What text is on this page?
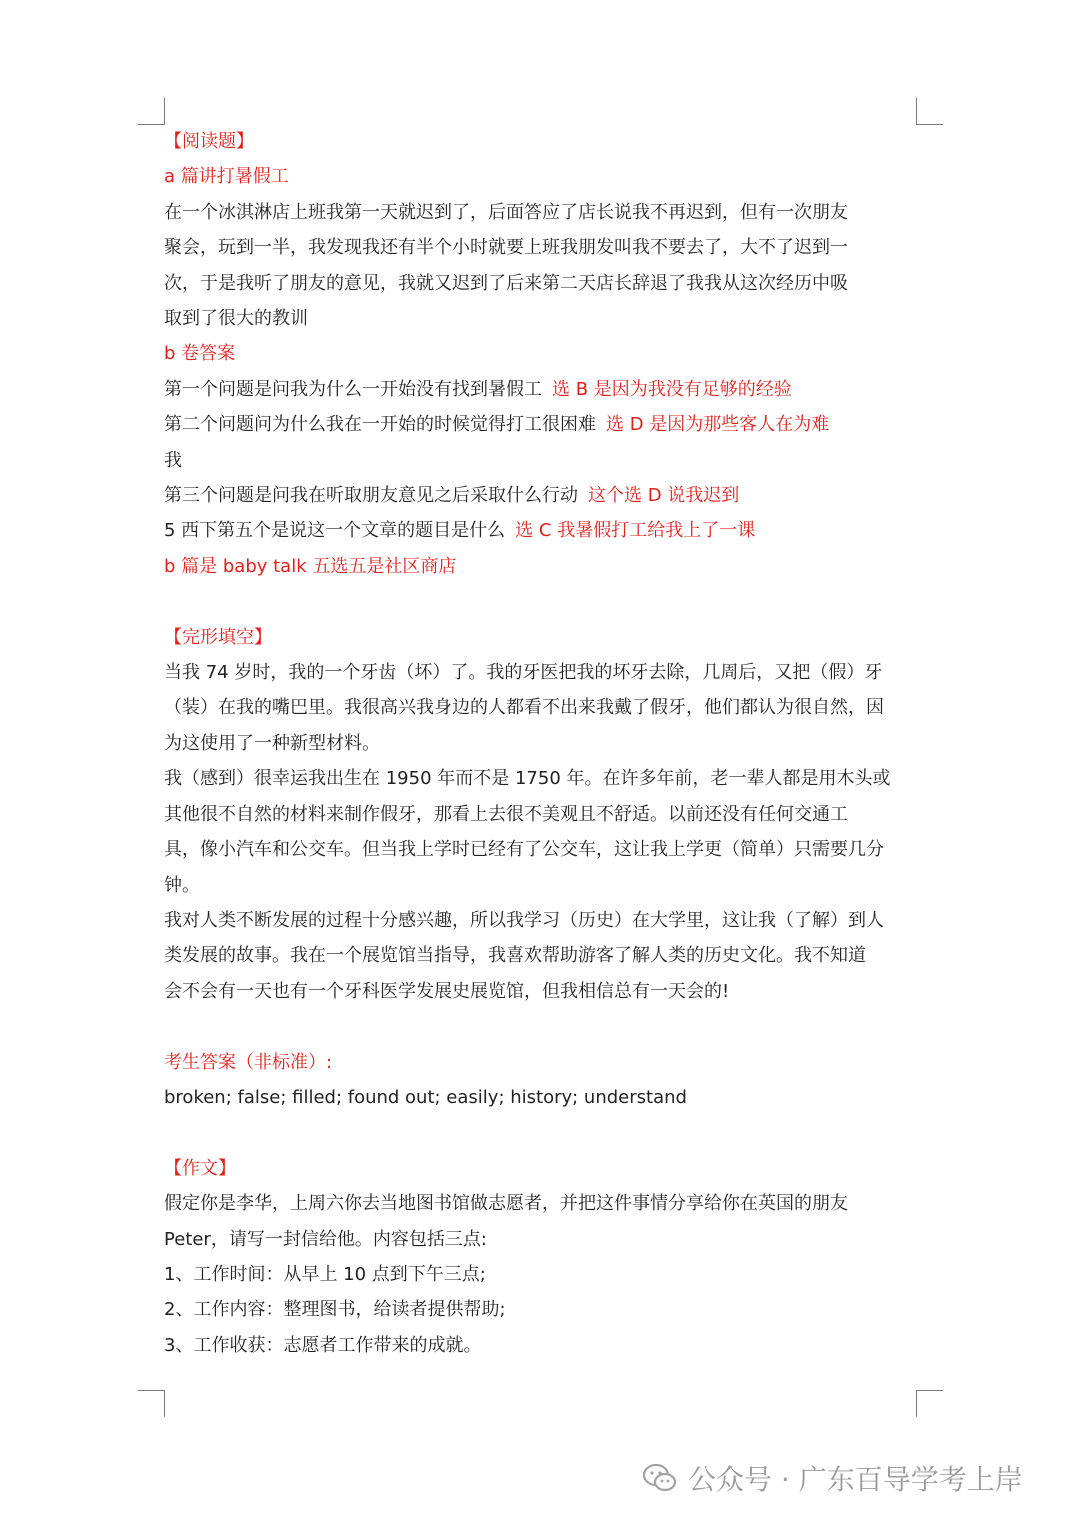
【阅读题】
a 篇讲打暑假工
在一个冰淇淋店上班我第一天就迟到了，后面答应了店长说我不再迟到，但有一次朋友
聚会，玩到一半，我发现我还有半个小时就要上班我朋发叫我不要去了，大不了迟到一
次，于是我听了朋友的意见，我就又迟到了后来第二天店长辞退了我我从这次经历中吸
取到了很大的教训
b 卷答案
第一个问题是问我为什么一开始没有找到暑假工 选 B 是因为我没有足够的经验
第二个问题问为什么我在一开始的时候觉得打工很困难 选 D 是因为那些客人在为难
我
第三个问题是问我在听取朋友意见之后采取什么行动 这个选 D 说我迟到
5 西下第五个是说这一个文章的题目是什么 选 C 我暑假打工给我上了一课
b 篇是 baby talk 五选五是社区商店
【完形填空】
当我 74 岁时，我的一个牙齿（坏）了。我的牙医把我的坏牙去除，几周后，又把（假）牙
（装）在我的嘴巴里。我很高兴我身边的人都看不出来我戴了假牙，他们都认为很自然，因
为这使用了一种新型材料。
我（感到）很幸运我出生在 1950 年而不是 1750 年。在许多年前，老一辈人都是用木头或
其他很不自然的材料来制作假牙，那看上去很不美观且不舒适。以前还没有任何交通工
具，像小汽车和公交车。但当我上学时已经有了公交车，这让我上学更（简单）只需要几分
钟。
我对人类不断发展的过程十分感兴趣，所以我学习（历史）在大学里，这让我（了解）到人
类发展的故事。我在一个展览馆当指导，我喜欢帮助游客了解人类的历史文化。我不知道
会不会有一天也有一个牙科医学发展史展览馆，但我相信总有一天会的!
考生答案（非标准）:
broken; false; filled; found out; easily; history; understand
【作文】
假定你是李华，上周六你去当地图书馆做志愿者，并把这件事情分享给你在英国的朋友
Peter，请写一封信给他。内容包括三点:
1、工作时间：从早上 10 点到下午三点;
2、工作内容：整理图书，给读者提供帮助;
3、工作收获：志愿者工作带来的成就。
公众号 · 广东百导学考上岸
